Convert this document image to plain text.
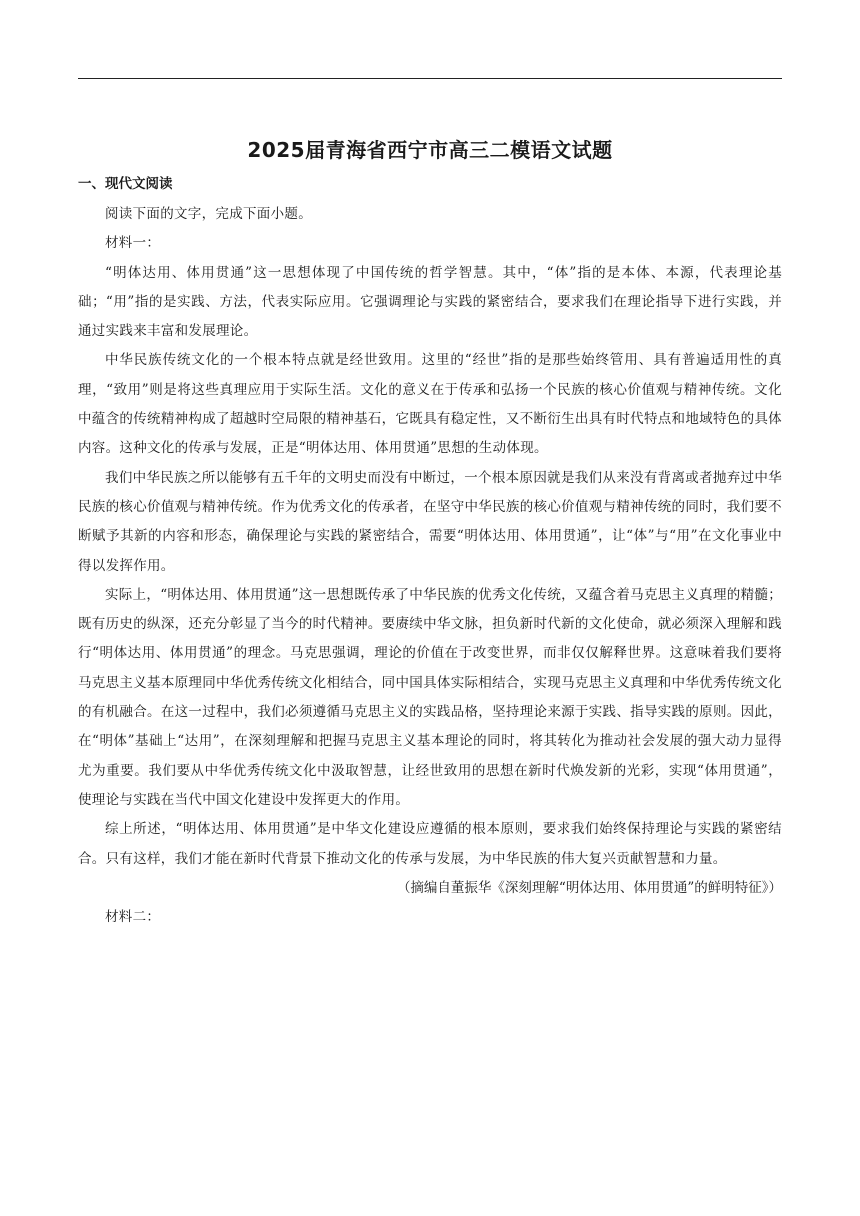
2025届青海省西宁市高三二模语文试题
一、现代文阅读

阅读下面的文字，完成下面小题。

材料一：

“明体达用、体用贯通”这一思想体现了中国传统的哲学智慧。其中，“体”指的是本体、本源，代表理论基础；“用”指的是实践、方法，代表实际应用。它强调理论与实践的紧密结合，要求我们在理论指导下进行实践，并通过实践来丰富和发展理论。

中华民族传统文化的一个根本特点就是经世致用。这里的“经世”指的是那些始终管用、具有普遍适用性的真理，“致用”则是将这些真理应用于实际生活。文化的意义在于传承和弘扬一个民族的核心价值观与精神传统。文化中蕴含的传统精神构成了超越时空局限的精神基石，它既具有稳定性，又不断衍生出具有时代特点和地域特色的具体内容。这种文化的传承与发展，正是“明体达用、体用贯通”思想的生动体现。

我们中华民族之所以能够有五千年的文明史而没有中断过，一个根本原因就是我们从来没有背离或者抛弃过中华民族的核心价值观与精神传统。作为优秀文化的传承者，在坚守中华民族的核心价值观与精神传统的同时，我们要不断赋予其新的内容和形态，确保理论与实践的紧密结合，需要“明体达用、体用贯通”，让“体”与“用”在文化事业中得以发挥作用。

实际上，“明体达用、体用贯通”这一思想既传承了中华民族的优秀文化传统，又蕴含着马克思主义真理的精髓；既有历史的纵深，还充分彰显了当今的时代精神。要赓续中华文脉，担负新时代新的文化使命，就必须深入理解和践行“明体达用、体用贯通”的理念。马克思强调，理论的价值在于改变世界，而非仅仅解释世界。这意味着我们要将马克思主义基本原理同中华优秀传统文化相结合，同中国具体实际相结合，实现马克思主义真理和中华优秀传统文化的有机融合。在这一过程中，我们必须遵循马克思主义的实践品格，坚持理论来源于实践、指导实践的原则。因此，在“明体”基础上“达用”，在深刻理解和把握马克思主义基本理论的同时，将其转化为推动社会发展的强大动力显得尤为重要。我们要从中华优秀传统文化中汲取智慧，让经世致用的思想在新时代焕发新的光彩，实现“体用贯通”，使理论与实践在当代中国文化建设中发挥更大的作用。

综上所述，“明体达用、体用贯通”是中华文化建设应遵循的根本原则，要求我们始终保持理论与实践的紧密结合。只有这样，我们才能在新时代背景下推动文化的传承与发展，为中华民族的伟大复兴贡献智慧和力量。

（摘编自董振华《深刻理解“明体达用、体用贯通”的鲜明特征》）

材料二：
